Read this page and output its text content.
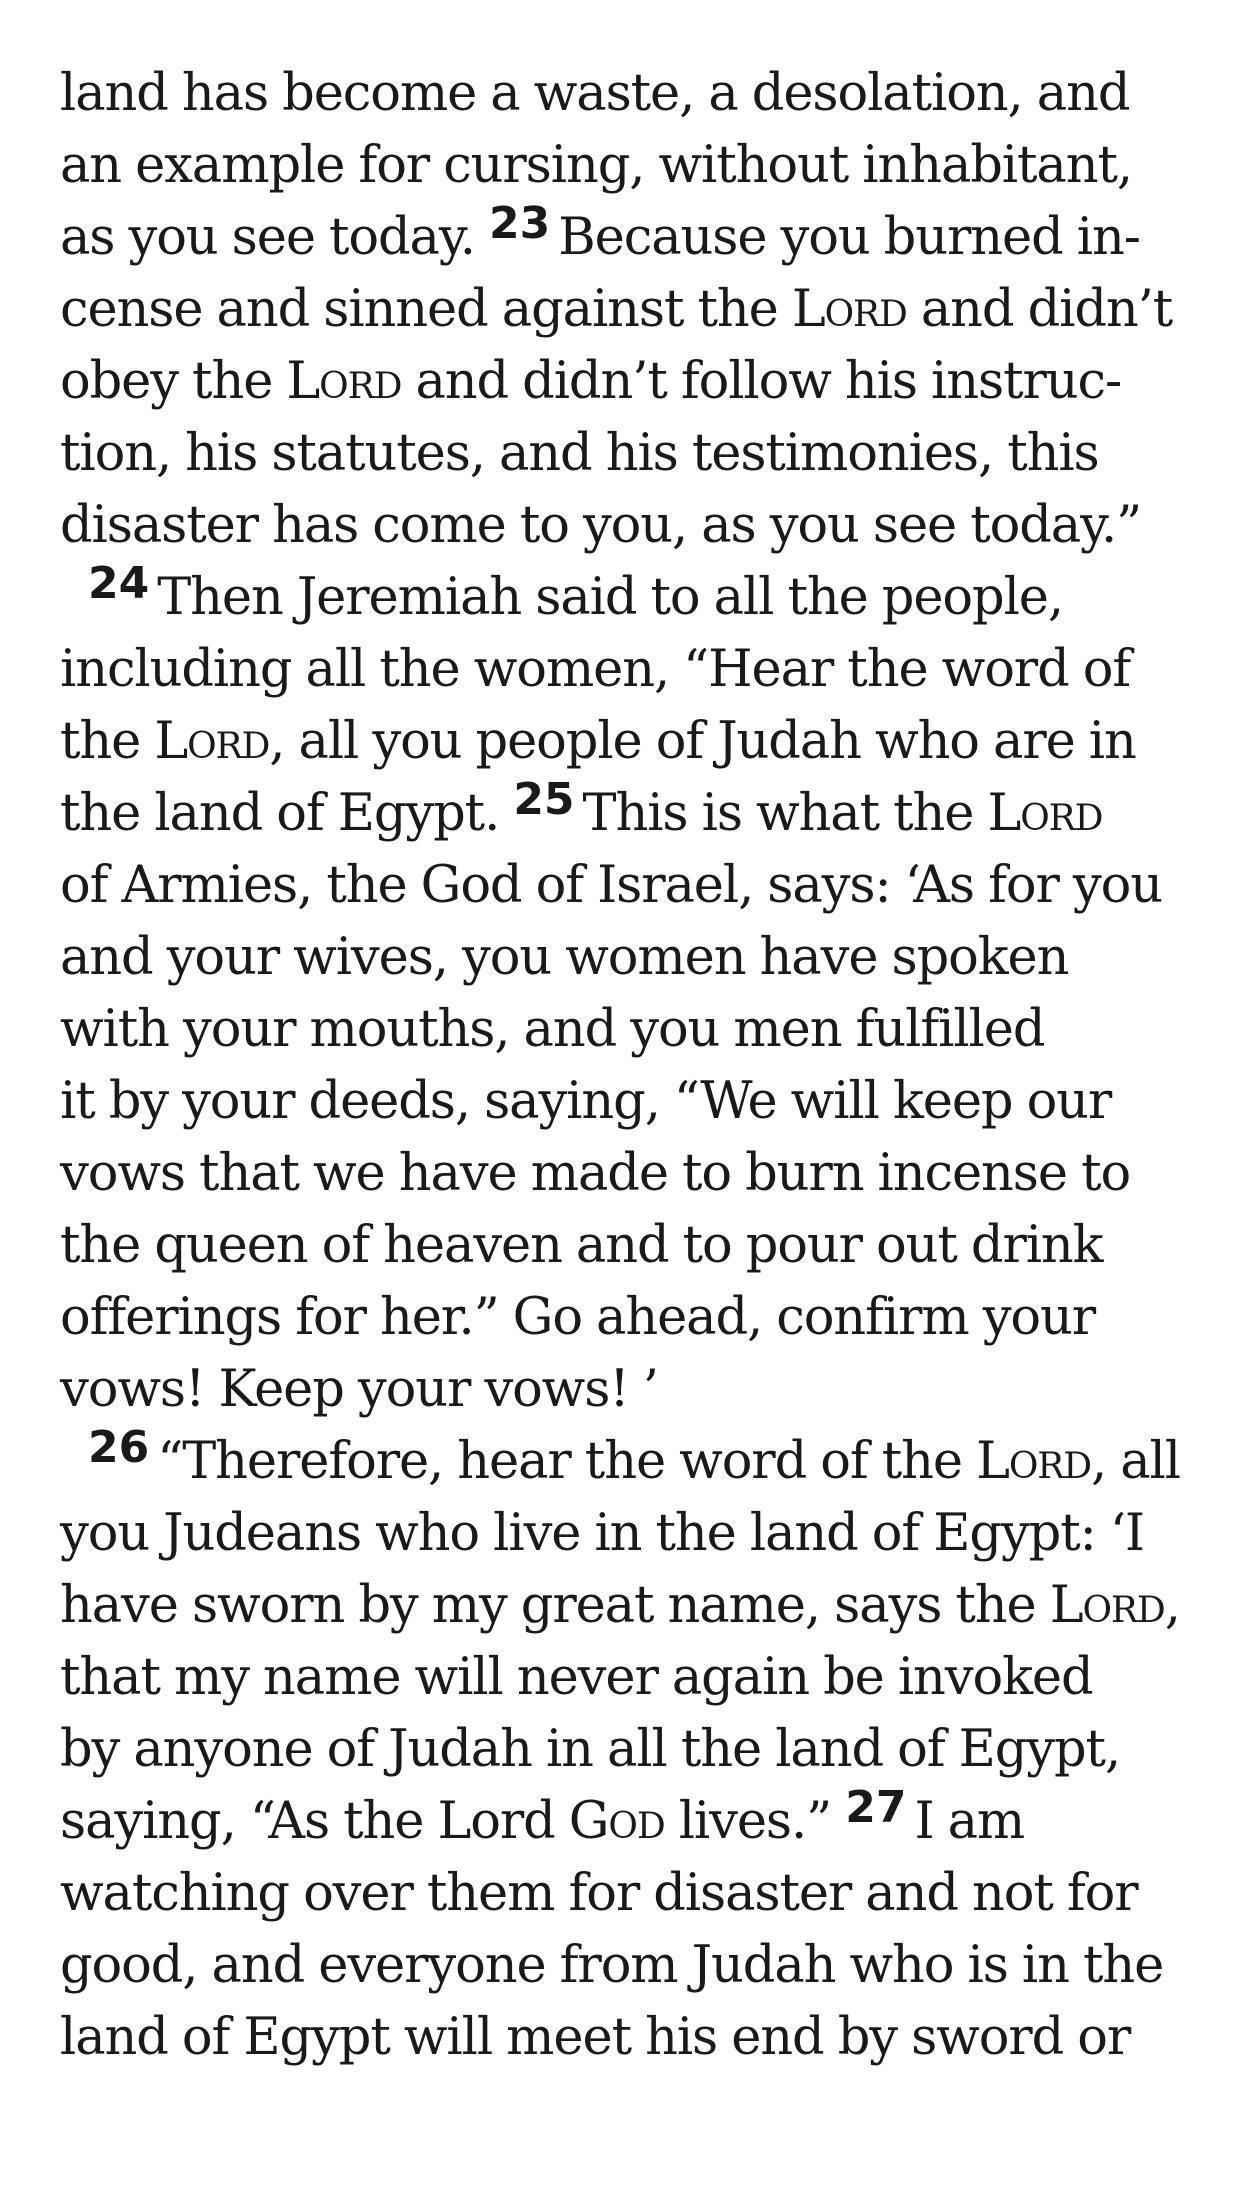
land has become a waste, a desolation, and
an example for cursing, without inhabitant,
as you see today. 23 Because you burned in-
cense and sinned against the Lord and didn’t
obey the Lord and didn’t follow his instruc-
tion, his statutes, and his testimonies, this
disaster has come to you, as you see today.”
24 Then Jeremiah said to all the people,
including all the women, “Hear the word of
the Lord, all you people of Judah who are in
the land of Egypt. 25 This is what the Lord
of Armies, the God of Israel, says: ‘As for you
and your wives, you women have spoken
with your mouths, and you men fulfilled
it by your deeds, saying, “We will keep our
vows that we have made to burn incense to
the queen of heaven and to pour out drink
offerings for her.” Go ahead, confirm your
vows! Keep your vows! ’
26 “Therefore, hear the word of the Lord, all
you Judeans who live in the land of Egypt: ‘I
have sworn by my great name, says the Lord,
that my name will never again be invoked
by anyone of Judah in all the land of Egypt,
saying, “As the Lord God lives.” 27 I am
watching over them for disaster and not for
good, and everyone from Judah who is in the
land of Egypt will meet his end by sword or
